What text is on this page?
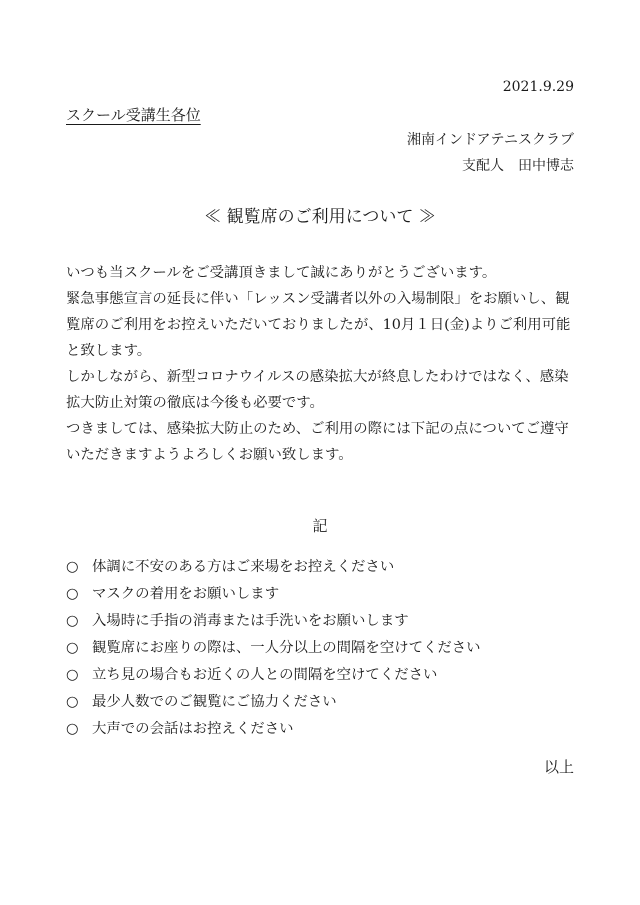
2021.9.29
スクール受講生各位
湘南インドアテニスクラブ
支配人　田中博志
≪ 観覧席のご利用について ≫

いつも当スクールをご受講頂きまして誠にありがとうございます。

緊急事態宣言の延長に伴い「レッスン受講者以外の入場制限」をお願いし、観覧席のご利用をお控えいただいておりましたが、10月１日(金)よりご利用可能と致します。

しかしながら、新型コロナウイルスの感染拡大が終息したわけではなく、感染拡大防止対策の徹底は今後も必要です。

つきましては、感染拡大防止のため、ご利用の際には下記の点についてご遵守いただきますようよろしくお願い致します。

記
○ 体調に不安のある方はご来場をお控えください
○ マスクの着用をお願いします
○ 入場時に手指の消毒または手洗いをお願いします
○ 観覧席にお座りの際は、一人分以上の間隔を空けてください
○ 立ち見の場合もお近くの人との間隔を空けてください
○ 最少人数でのご観覧にご協力ください
○ 大声での会話はお控えください
以上
